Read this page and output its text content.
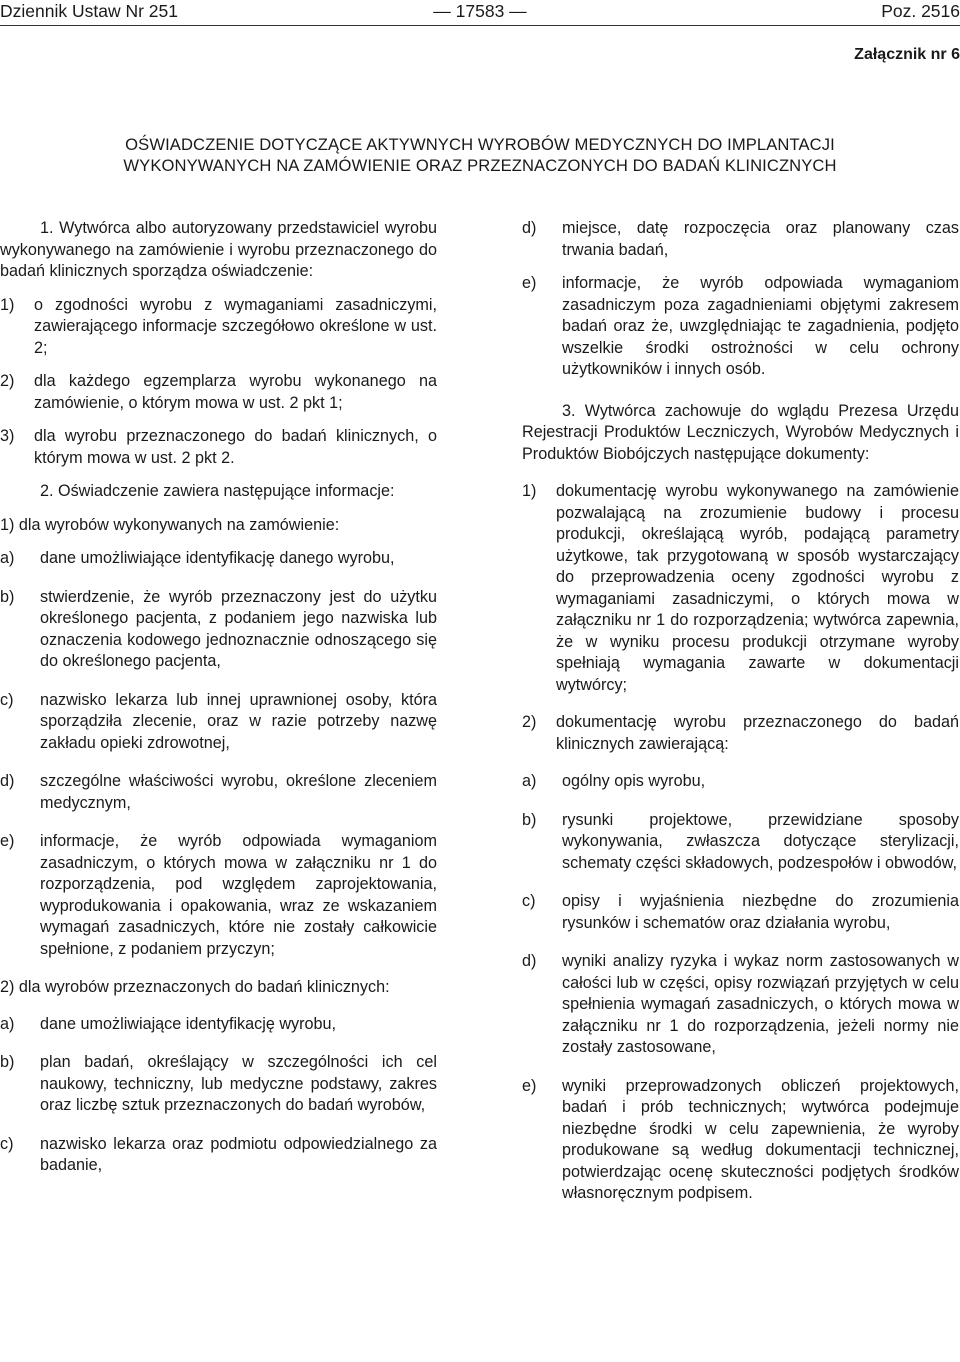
Dziennik Ustaw Nr 251	— 17583 —	Poz. 2516
Załącznik nr 6
OŚWIADCZENIE DOTYCZĄCE AKTYWNYCH WYROBÓW MEDYCZNYCH DO IMPLANTACJI
WYKONYWANYCH NA ZAMÓWIENIE ORAZ PRZEZNACZONYCH DO BADAŃ KLINICZNYCH

1. Wytwórca albo autoryzowany przedstawiciel wyrobu wykonywanego na zamówienie i wyrobu przeznaczonego do badań klinicznych sporządza oświadczenie:

1)	o zgodności wyrobu z wymaganiami zasadniczymi, zawierającego informacje szczegółowo określone w ust. 2;
2)	dla każdego egzemplarza wyrobu wykonanego na zamówienie, o którym mowa w ust. 2 pkt 1;
3)	dla wyrobu przeznaczonego do badań klinicznych, o którym mowa w ust. 2 pkt 2.

2. Oświadczenie zawiera następujące informacje:

1) dla wyrobów wykonywanych na zamówienie:

a)	dane umożliwiające identyfikację danego wyrobu,
b)	stwierdzenie, że wyrób przeznaczony jest do użytku określonego pacjenta, z podaniem jego nazwiska lub oznaczenia kodowego jednoznacznie odnoszącego się do określonego pacjenta,
c)	nazwisko lekarza lub innej uprawnionej osoby, która sporządziła zlecenie, oraz w razie potrzeby nazwę zakładu opieki zdrowotnej,
d)	szczególne właściwości wyrobu, określone zleceniem medycznym,
e)	informacje, że wyrób odpowiada wymaganiom zasadniczym, o których mowa w załączniku nr 1 do rozporządzenia, pod względem zaprojektowania, wyprodukowania i opakowania, wraz ze wskazaniem wymagań zasadniczych, które nie zostały całkowicie spełnione, z podaniem przyczyn;

2) dla wyrobów przeznaczonych do badań klinicznych:

a)	dane umożliwiające identyfikację wyrobu,
b)	plan badań, określający w szczególności ich cel naukowy, techniczny, lub medyczne podstawy, zakres oraz liczbę sztuk przeznaczonych do badań wyrobów,
c)	nazwisko lekarza oraz podmiotu odpowiedzialnego za badanie,
d)	miejsce, datę rozpoczęcia oraz planowany czas trwania badań,
e)	informacje, że wyrób odpowiada wymaganiom zasadniczym poza zagadnieniami objętymi zakresem badań oraz że, uwzględniając te zagadnienia, podjęto wszelkie środki ostrożności w celu ochrony użytkowników i innych osób.

3. Wytwórca zachowuje do wglądu Prezesa Urzędu Rejestracji Produktów Leczniczych, Wyrobów Medycznych i Produktów Biobójczych następujące dokumenty:

1)	dokumentację wyrobu wykonywanego na zamówienie pozwalającą na zrozumienie budowy i procesu produkcji, określającą wyrób, podającą parametry użytkowe, tak przygotowaną w sposób wystarczający do przeprowadzenia oceny zgodności wyrobu z wymaganiami zasadniczymi, o których mowa w załączniku nr 1 do rozporządzenia; wytwórca zapewnia, że w wyniku procesu produkcji otrzymane wyroby spełniają wymagania zawarte w dokumentacji wytwórcy;
2)	dokumentację wyrobu przeznaczonego do badań klinicznych zawierającą:
a)	ogólny opis wyrobu,
b)	rysunki projektowe, przewidziane sposoby wykonywania, zwłaszcza dotyczące sterylizacji, schematy części składowych, podzespołów i obwodów,
c)	opisy i wyjaśnienia niezbędne do zrozumienia rysunków i schematów oraz działania wyrobu,
d)	wyniki analizy ryzyka i wykaz norm zastosowanych w całości lub w części, opisy rozwiązań przyjętych w celu spełnienia wymagań zasadniczych, o których mowa w załączniku nr 1 do rozporządzenia, jeżeli normy nie zostały zastosowane,
e)	wyniki przeprowadzonych obliczeń projektowych, badań i prób technicznych; wytwórca podejmuje niezbędne środki w celu zapewnienia, że wyroby produkowane są według dokumentacji technicznej, potwierdzając ocenę skuteczności podjętych środków własnoręcznym podpisem.
